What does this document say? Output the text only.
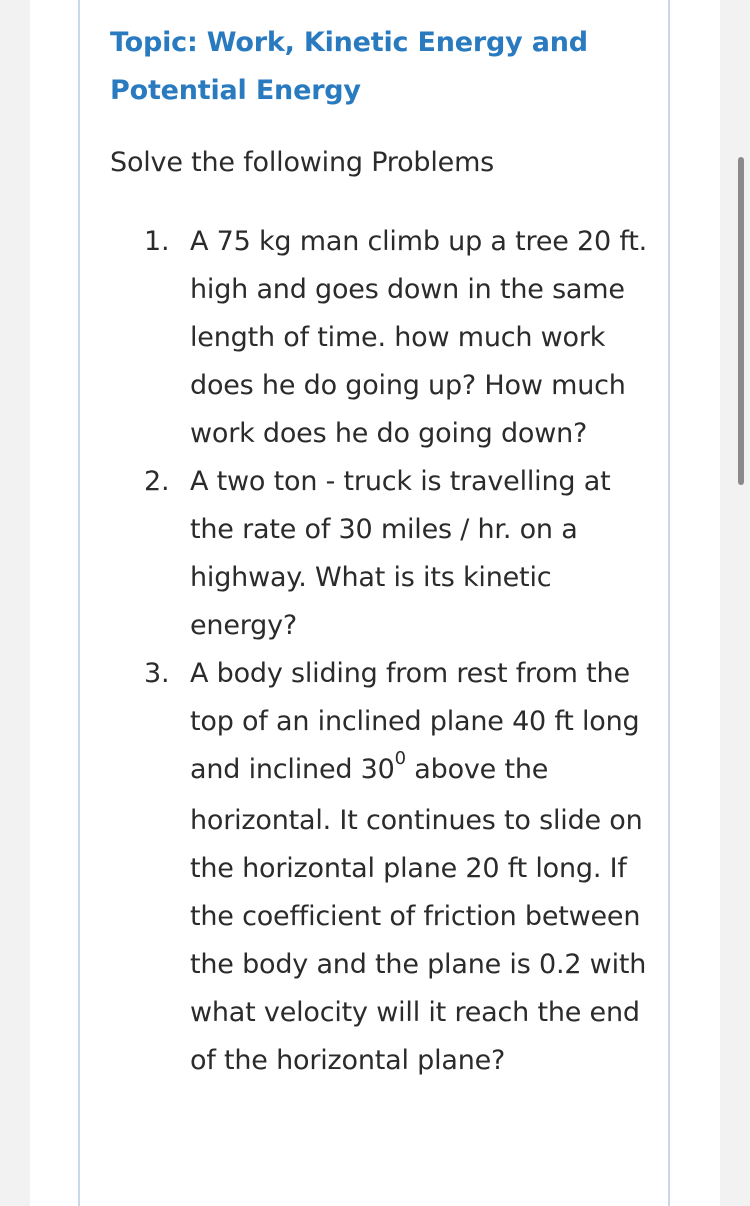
Topic: Work, Kinetic Energy and Potential Energy
Solve the following Problems
1. A 75 kg man climb up a tree 20 ft. high and goes down in the same length of time. how much work does he do going up? How much work does he do going down?
2. A two ton - truck is travelling at the rate of 30 miles / hr. on a highway. What is its kinetic energy?
3. A body sliding from rest from the top of an inclined plane 40 ft long and inclined $30^0$ above the horizontal. It continues to slide on the horizontal plane 20 ft long. If the coefficient of friction between the body and the plane is 0.2 with what velocity will it reach the end of the horizontal plane?
